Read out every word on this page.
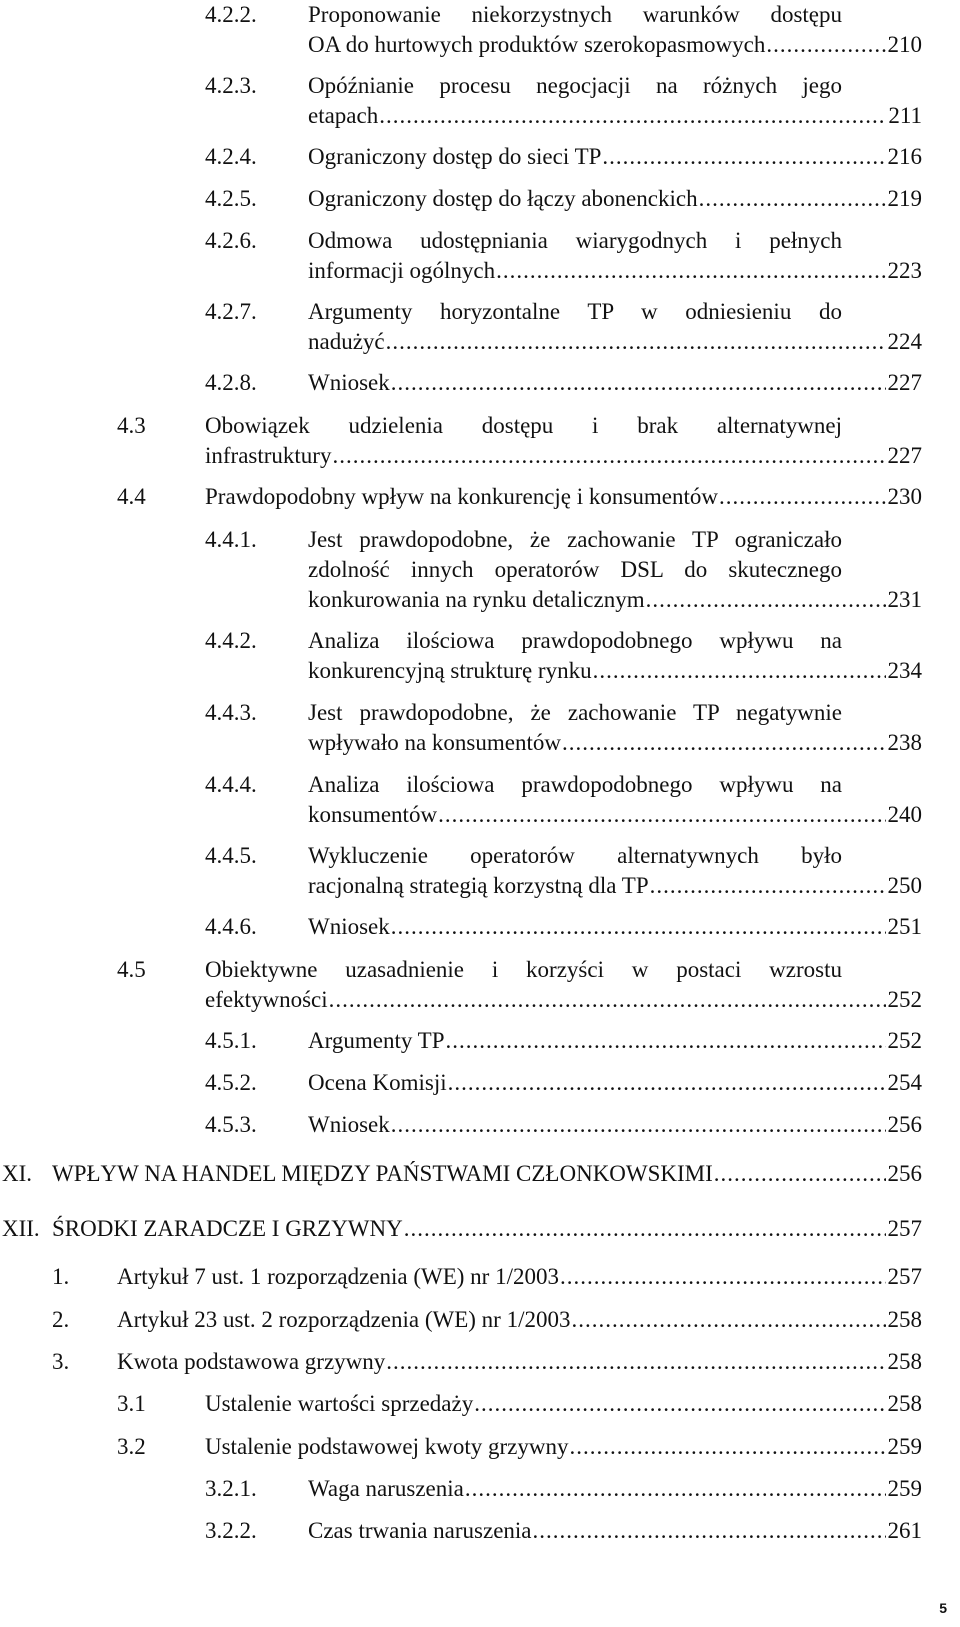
4.2.2. Proponowanie niekorzystnych warunków dostępu
OA do hurtowych produktów szerokopasmowych .....	210
4.2.3. Opóźnianie procesu negocjacji na różnych jego
etapach .....	211
4.2.4. Ograniczony dostęp do sieci TP .....	216
4.2.5. Ograniczony dostęp do łączy abonenckich .....	219
4.2.6. Odmowa udostępniania wiarygodnych i pełnych
informacji ogólnych .....	223
4.2.7. Argumenty horyzontalne TP w odniesieniu do
nadużyć .....	224
4.2.8. Wniosek .....	227
4.3	Obowiązek udzielenia dostępu i brak alternatywnej
infrastruktury .....	227
4.4	Prawdopodobny wpływ na konkurencję i konsumentów .....	230
4.4.1. Jest prawdopodobne, że zachowanie TP ograniczało
zdolność innych operatorów DSL do skutecznego
konkurowania na rynku detalicznym .....	231
4.4.2. Analiza ilościowa prawdopodobnego wpływu na
konkurencyjną strukturę rynku .....	234
4.4.3. Jest prawdopodobne, że zachowanie TP negatywnie
wpływało na konsumentów .....	238
4.4.4. Analiza ilościowa prawdopodobnego wpływu na
konsumentów .....	240
4.4.5. Wykluczenie operatorów alternatywnych było
racjonalną strategią korzystną dla TP .....	250
4.4.6. Wniosek .....	251
4.5	Obiektywne uzasadnienie i korzyści w postaci wzrostu
efektywności .....	252
4.5.1. Argumenty TP .....	252
4.5.2. Ocena Komisji .....	254
4.5.3. Wniosek .....	256
XI. WPŁYW NA HANDEL MIĘDZY PAŃSTWAMI CZŁONKOWSKIMI .....	256
XII. ŚRODKI ZARADCZE I GRZYWNY .....	257
1. Artykuł 7 ust. 1 rozporządzenia (WE) nr 1/2003 .....	257
2. Artykuł 23 ust. 2 rozporządzenia (WE) nr 1/2003 .....	258
3. Kwota podstawowa grzywny .....	258
3.1	Ustalenie wartości sprzedaży .....	258
3.2	Ustalenie podstawowej kwoty grzywny .....	259
3.2.1. Waga naruszenia .....	259
3.2.2. Czas trwania naruszenia .....	261
5
